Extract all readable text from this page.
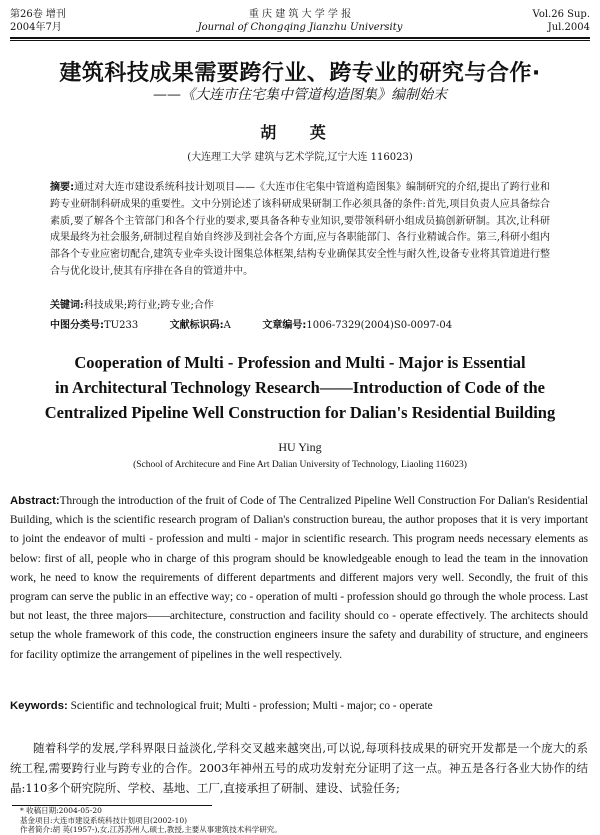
第26卷 增刊
2004年7月
重 庆 建 筑 大 学 学 报
Journal of Chongqing Jianzhu University
Vol.26 Sup.
Jul.2004
建筑科技成果需要跨行业、跨专业的研究与合作·
——《大连市住宅集中管道构造图集》编制始末
胡 英
(大连理工大学 建筑与艺术学院,辽宁大连 116023)
摘要:通过对大连市建设系统科技计划项目——《大连市住宅集中管道构造图集》编制研究的介绍,提出了跨行业和跨专业研制科研成果的重要性。文中分别论述了该科研成果研制工作必须具备的条件:首先,项目负责人应具备综合素质,要了解各个主管部门和各个行业的要求,要具备各种专业知识,要带领科研小组成员搞创新研制。其次,让科研成果最终为社会服务,研制过程自始自终涉及到社会各个方面,应与各职能部门、各行业精诚合作。第三,科研小组内部各个专业应密切配合,建筑专业牵头设计图集总体框架,结构专业确保其安全性与耐久性,设备专业将其管道进行整合与优化设计,使其有序排在各自的管道井中。
关键词:科技成果;跨行业;跨专业;合作
中图分类号:TU233	文献标识码:A	文章编号:1006-7329(2004)S0-0097-04
Cooperation of Multi - Profession and Multi - Major is Essential
in Architectural Technology Research——Introduction of Code of the
Centralized Pipeline Well Construction for Dalian's Residential Building
HU Ying
(School of Architecure and Fine Art Dalian University of Technology, Liaoling 116023)
Abstract:Through the introduction of the fruit of Code of The Centralized Pipeline Well Construction For Dalian's Residential Building, which is the scientific research program of Dalian's construction bureau, the author proposes that it is very important to joint the endeavor of multi - profession and multi - major in scientific research. This program needs necessary elements as below: first of all, people who in charge of this program should be knowledgeable enough to lead the team in the innovation work, he need to know the requirements of different departments and different majors very well. Secondly, the fruit of this program can serve the public in an effective way; co - operation of multi - profession should go through the whole process. Last but not least, the three majors——architecture, construction and facility should co - operate effectively. The architects should setup the whole framework of this code, the construction engineers insure the safety and durability of structure, and engineers for facility optimize the arrangement of pipelines in the well respectively.
Keywords: Scientific and technological fruit; Multi - profession; Multi - major; co - operate
随着科学的发展,学科界限日益淡化,学科交叉越来越突出,可以说,每项科技成果的研究开发都是一个庞大的系统工程,需要跨行业与跨专业的合作。2003年神州五号的成功发射充分证明了这一点。神五是各行各业大协作的结晶:110多个研究院所、学校、基地、工厂,直接承担了研制、建设、试验任务;
* 收稿日期:2004-05-20
基金项目:大连市建设系统科技计划项目(2002-10)
作者简介:胡 英(1957-),女,江苏苏州人,硕士,教授,主要从事建筑技术科学研究。
